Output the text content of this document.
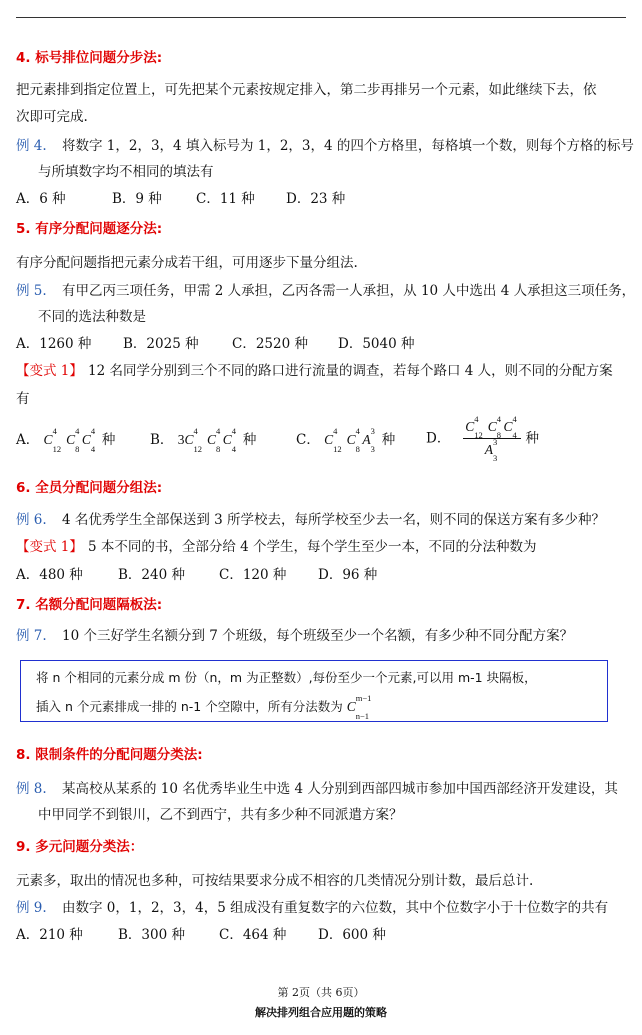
4. 标号排位问题分步法:
把元素排到指定位置上，可先把某个元素按规定排入，第二步再排另一个元素，如此继续下去，依
次即可完成.
例 4. 将数字 1，2，3，4 填入标号为 1，2，3，4 的四个方格里，每格填一个数，则每个方格的标号
与所填数字均不相同的填法有
A．6 种	B．9 种	C．11 种 D．23 种
5. 有序分配问题逐分法:
有序分配问题指把元素分成若干组，可用逐步下量分组法.
例 5. 有甲乙丙三项任务，甲需 2 人承担，乙丙各需一人承担，从 10 人中选出 4 人承担这三项任务，
不同的选法种数是
A．1260 种 B．2025 种 C．2520 种 D．5040 种
【变式 1】 12 名同学分别到三个不同的路口进行流量的调查，若每个路口 4 人，则不同的分配方案
有
A． C
4
12
 C
4
8
 C
4
4
  种	B． 3C
4
12
 C
4
8
 C
4
4
  种	C． C
4
12
 C
4
8
 A
3
3
  种 D． C 4
12
 C 4
8
 C 4
4

A 3
3
  种
6. 全员分配问题分组法:
例 6. 4 名优秀学生全部保送到 3 所学校去，每所学校至少去一名，则不同的保送方案有多少种？
【变式 1】 5 本不同的书，全部分给 4 个学生，每个学生至少一本，不同的分法种数为
A．480 种	B．240 种	C．120 种 D．96 种
7. 名额分配问题隔板法:
例 7. 10 个三好学生名额分到 7 个班级，每个班级至少一个名额，有多少种不同分配方案？
将 n 个相同的元素分成 m 份（n，m 为正整数）,每份至少一个元素,可以用 m-1 块隔板，
插入 n 个元素排成一排的 n-1 个空隙中，所有分法数为 C
m−1
n−1
8. 限制条件的分配问题分类法:
例 8. 某高校从某系的 10 名优秀毕业生中选 4 人分别到西部四城市参加中国西部经济开发建设，其
中甲同学不到银川，乙不到西宁，共有多少种不同派遣方案？
9. 多元问题分类法：
元素多，取出的情况也多种，可按结果要求分成不相容的几类情况分别计数，最后总计.
例 9. 由数字 0，1，2，3，4，5 组成没有重复数字的六位数，其中个位数字小于十位数字的共有
A．210 种	B．300 种	C．464 种 D．600 种
第 2页（共 6页）
解决排列组合应用题的策略
